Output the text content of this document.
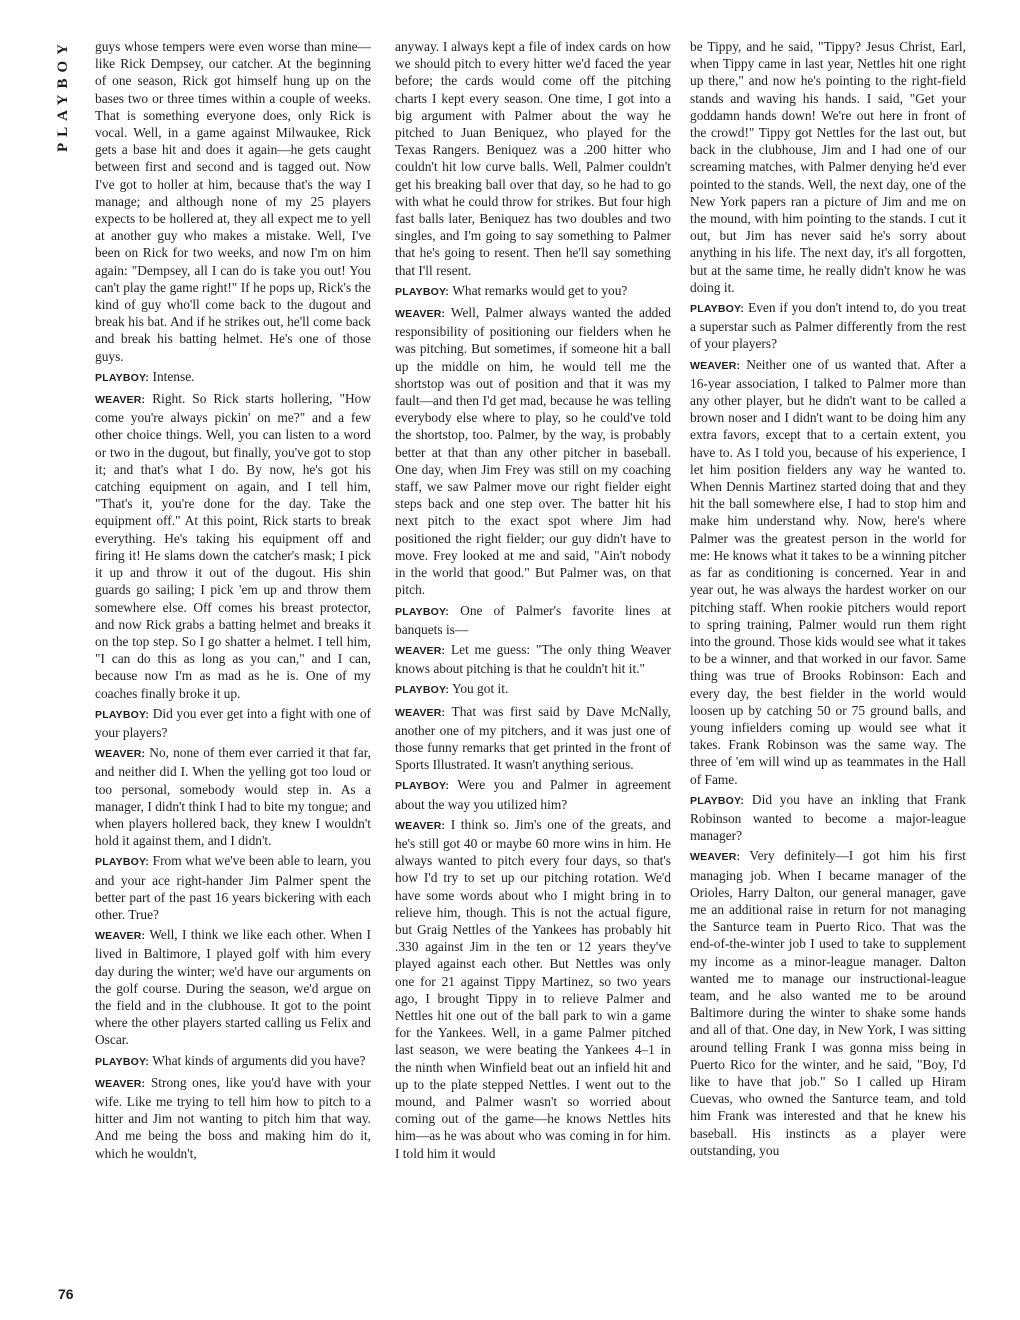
PLAYBOY guys whose tempers were even worse than mine—like Rick Dempsey, our catcher. At the beginning of one season, Rick got himself hung up on the bases two or three times within a couple of weeks. That is something everyone does, only Rick is vocal. Well, in a game against Milwaukee, Rick gets a base hit and does it again—he gets caught between first and second and is tagged out. Now I've got to holler at him, because that's the way I manage; and although none of my 25 players expects to be hollered at, they all expect me to yell at another guy who makes a mistake. Well, I've been on Rick for two weeks, and now I'm on him again: "Dempsey, all I can do is take you out! You can't play the game right!" If he pops up, Rick's the kind of guy who'll come back to the dugout and break his bat. And if he strikes out, he'll come back and break his batting helmet. He's one of those guys.

PLAYBOY: Intense.

WEAVER: Right. So Rick starts hollering, "How come you're always pickin' on me?" and a few other choice things. Well, you can listen to a word or two in the dugout, but finally, you've got to stop it; and that's what I do. By now, he's got his catching equipment on again, and I tell him, "That's it, you're done for the day. Take the equipment off." At this point, Rick starts to break everything. He's taking his equipment off and firing it! He slams down the catcher's mask; I pick it up and throw it out of the dugout. His shin guards go sailing; I pick 'em up and throw them somewhere else. Off comes his breast protector, and now Rick grabs a batting helmet and breaks it on the top step. So I go shatter a helmet. I tell him, "I can do this as long as you can," and I can, because now I'm as mad as he is. One of my coaches finally broke it up.

PLAYBOY: Did you ever get into a fight with one of your players?

WEAVER: No, none of them ever carried it that far, and neither did I. When the yelling got too loud or too personal, somebody would step in. As a manager, I didn't think I had to bite my tongue; and when players hollered back, they knew I wouldn't hold it against them, and I didn't.

PLAYBOY: From what we've been able to learn, you and your ace right-hander Jim Palmer spent the better part of the past 16 years bickering with each other. True?

WEAVER: Well, I think we like each other. When I lived in Baltimore, I played golf with him every day during the winter; we'd have our arguments on the golf course. During the season, we'd argue on the field and in the clubhouse. It got to the point where the other players started calling us Felix and Oscar.

PLAYBOY: What kinds of arguments did you have?

WEAVER: Strong ones, like you'd have with your wife. Like me trying to tell him how to pitch to a hitter and Jim not wanting to pitch him that way. And me being the boss and making him do it, which he wouldn't,

anyway. I always kept a file of index cards on how we should pitch to every hitter we'd faced the year before; the cards would come off the pitching charts I kept every season. One time, I got into a big argument with Palmer about the way he pitched to Juan Beniquez, who played for the Texas Rangers. Beniquez was a .200 hitter who couldn't hit low curve balls. Well, Palmer couldn't get his breaking ball over that day, so he had to go with what he could throw for strikes. But four high fast balls later, Beniquez has two doubles and two singles, and I'm going to say something to Palmer that he's going to resent. Then he'll say something that I'll resent.

PLAYBOY: What remarks would get to you?

WEAVER: Well, Palmer always wanted the added responsibility of positioning our fielders when he was pitching. But sometimes, if someone hit a ball up the middle on him, he would tell me the shortstop was out of position and that it was my fault—and then I'd get mad, because he was telling everybody else where to play, so he could've told the shortstop, too. Palmer, by the way, is probably better at that than any other pitcher in baseball. One day, when Jim Frey was still on my coaching staff, we saw Palmer move our right fielder eight steps back and one step over. The batter hit his next pitch to the exact spot where Jim had positioned the right fielder; our guy didn't have to move. Frey looked at me and said, "Ain't nobody in the world that good." But Palmer was, on that pitch.

PLAYBOY: One of Palmer's favorite lines at banquets is—

WEAVER: Let me guess: "The only thing Weaver knows about pitching is that he couldn't hit it."

PLAYBOY: You got it.

WEAVER: That was first said by Dave McNally, another one of my pitchers, and it was just one of those funny remarks that get printed in the front of Sports Illustrated. It wasn't anything serious.

PLAYBOY: Were you and Palmer in agreement about the way you utilized him?

WEAVER: I think so. Jim's one of the greats, and he's still got 40 or maybe 60 more wins in him. He always wanted to pitch every four days, so that's how I'd try to set up our pitching rotation. We'd have some words about who I might bring in to relieve him, though. This is not the actual figure, but Graig Nettles of the Yankees has probably hit .330 against Jim in the ten or 12 years they've played against each other. But Nettles was only one for 21 against Tippy Martinez, so two years ago, I brought Tippy in to relieve Palmer and Nettles hit one out of the ball park to win a game for the Yankees. Well, in a game Palmer pitched last season, we were beating the Yankees 4–1 in the ninth when Winfield beat out an infield hit and up to the plate stepped Nettles. I went out to the mound, and Palmer wasn't so worried about coming out of the game—he knows Nettles hits him—as he was about who was coming in for him. I told him it would

be Tippy, and he said, "Tippy? Jesus Christ, Earl, when Tippy came in last year, Nettles hit one right up there," and now he's pointing to the right-field stands and waving his hands. I said, "Get your goddamn hands down! We're out here in front of the crowd!" Tippy got Nettles for the last out, but back in the clubhouse, Jim and I had one of our screaming matches, with Palmer denying he'd ever pointed to the stands. Well, the next day, one of the New York papers ran a picture of Jim and me on the mound, with him pointing to the stands. I cut it out, but Jim has never said he's sorry about anything in his life. The next day, it's all forgotten, but at the same time, he really didn't know he was doing it.

PLAYBOY: Even if you don't intend to, do you treat a superstar such as Palmer differently from the rest of your players?

WEAVER: Neither one of us wanted that. After a 16-year association, I talked to Palmer more than any other player, but he didn't want to be called a brown noser and I didn't want to be doing him any extra favors, except that to a certain extent, you have to. As I told you, because of his experience, I let him position fielders any way he wanted to. When Dennis Martinez started doing that and they hit the ball somewhere else, I had to stop him and make him understand why. Now, here's where Palmer was the greatest person in the world for me: He knows what it takes to be a winning pitcher as far as conditioning is concerned. Year in and year out, he was always the hardest worker on our pitching staff. When rookie pitchers would report to spring training, Palmer would run them right into the ground. Those kids would see what it takes to be a winner, and that worked in our favor. Same thing was true of Brooks Robinson: Each and every day, the best fielder in the world would loosen up by catching 50 or 75 ground balls, and young infielders coming up would see what it takes. Frank Robinson was the same way. The three of 'em will wind up as teammates in the Hall of Fame.

PLAYBOY: Did you have an inkling that Frank Robinson wanted to become a major-league manager?

WEAVER: Very definitely—I got him his first managing job. When I became manager of the Orioles, Harry Dalton, our general manager, gave me an additional raise in return for not managing the Santurce team in Puerto Rico. That was the end-of-the-winter job I used to take to supplement my income as a minor-league manager. Dalton wanted me to manage our instructional-league team, and he also wanted me to be around Baltimore during the winter to shake some hands and all of that. One day, in New York, I was sitting around telling Frank I was gonna miss being in Puerto Rico for the winter, and he said, "Boy, I'd like to have that job." So I called up Hiram Cuevas, who owned the Santurce team, and told him Frank was interested and that he knew his baseball. His instincts as a player were outstanding, you

76
